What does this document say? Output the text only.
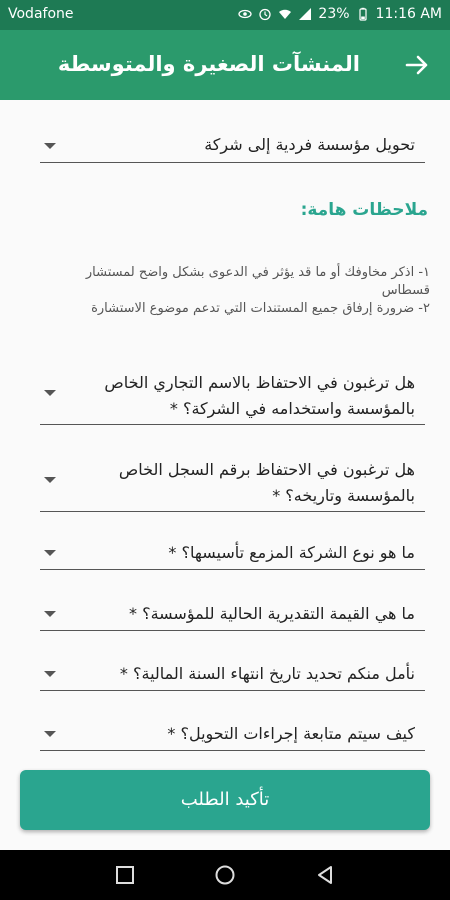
Vodafone	23% 11:16 AM
المنشآت الصغيرة والمتوسطة
تحويل مؤسسة فردية إلى شركة
ملاحظات هامة:
١- اذكر مخاوفك أو ما قد يؤثر في الدعوى بشكل واضح لمستشار قسطاس
٢- ضرورة إرفاق جميع المستندات التي تدعم موضوع الاستشارة
هل ترغبون في الاحتفاظ بالاسم التجاري الخاص بالمؤسسة واستخدامه في الشركة؟ *
هل ترغبون في الاحتفاظ برقم السجل الخاص بالمؤسسة وتاريخه؟ *
ما هو نوع الشركة المزمع تأسيسها؟ *
ما هي القيمة التقديرية الحالية للمؤسسة؟ *
نأمل منكم تحديد تاريخ انتهاء السنة المالية؟ *
كيف سيتم متابعة إجراءات التحويل؟ *
تأكيد الطلب
